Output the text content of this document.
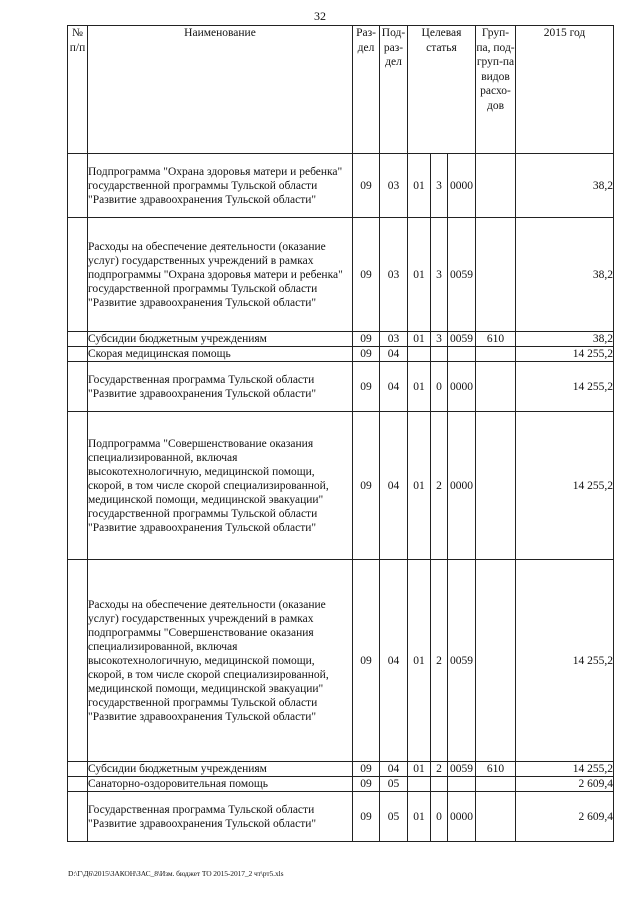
32
№ п/п	Наименование	Раз-дел	Под-раз-дел	Целевая статья			Груп-па, под-груп-па видов расхо-дов	2015 год
	Подпрограмма "Охрана здоровья матери и ребенка" государственной программы Тульской области "Развитие здравоохранения Тульской области"	09	03	01	3	0000		38,2
	Расходы на обеспечение деятельности (оказание услуг) государственных учреждений в рамках подпрограммы "Охрана здоровья матери и ребенка" государственной программы Тульской области "Развитие здравоохранения Тульской области"	09	03	01	3	0059		38,2
	Субсидии бюджетным учреждениям	09	03	01	3	0059	610	38,2
	Скорая медицинская помощь	09	04					14 255,2
	Государственная программа Тульской области "Развитие здравоохранения Тульской области"	09	04	01	0	0000		14 255,2
	Подпрограмма "Совершенствование оказания специализированной, включая высокотехнологичную, медицинской помощи, скорой, в том числе скорой специализированной, медицинской помощи, медицинской эвакуации" государственной программы Тульской области "Развитие здравоохранения Тульской области"	09	04	01	2	0000		14 255,2
	Расходы на обеспечение деятельности (оказание услуг) государственных учреждений в рамках подпрограммы "Совершенствование оказания специализированной, включая высокотехнологичную, медицинской помощи, скорой, в том числе скорой специализированной, медицинской помощи, медицинской эвакуации" государственной программы Тульской области "Развитие здравоохранения Тульской области"	09	04	01	2	0059		14 255,2
	Субсидии бюджетным учреждениям	09	04	01	2	0059	610	14 255,2
	Санаторно-оздоровительная помощь	09	05					2 609,4
	Государственная программа Тульской области "Развитие здравоохранения Тульской области"	09	05	01	0	0000		2 609,4
D:\Г\Д6\2015\ЗАКОН\ЗАС_8\Изм. бюджет ТО 2015-2017_2 чт\рт5.xls
